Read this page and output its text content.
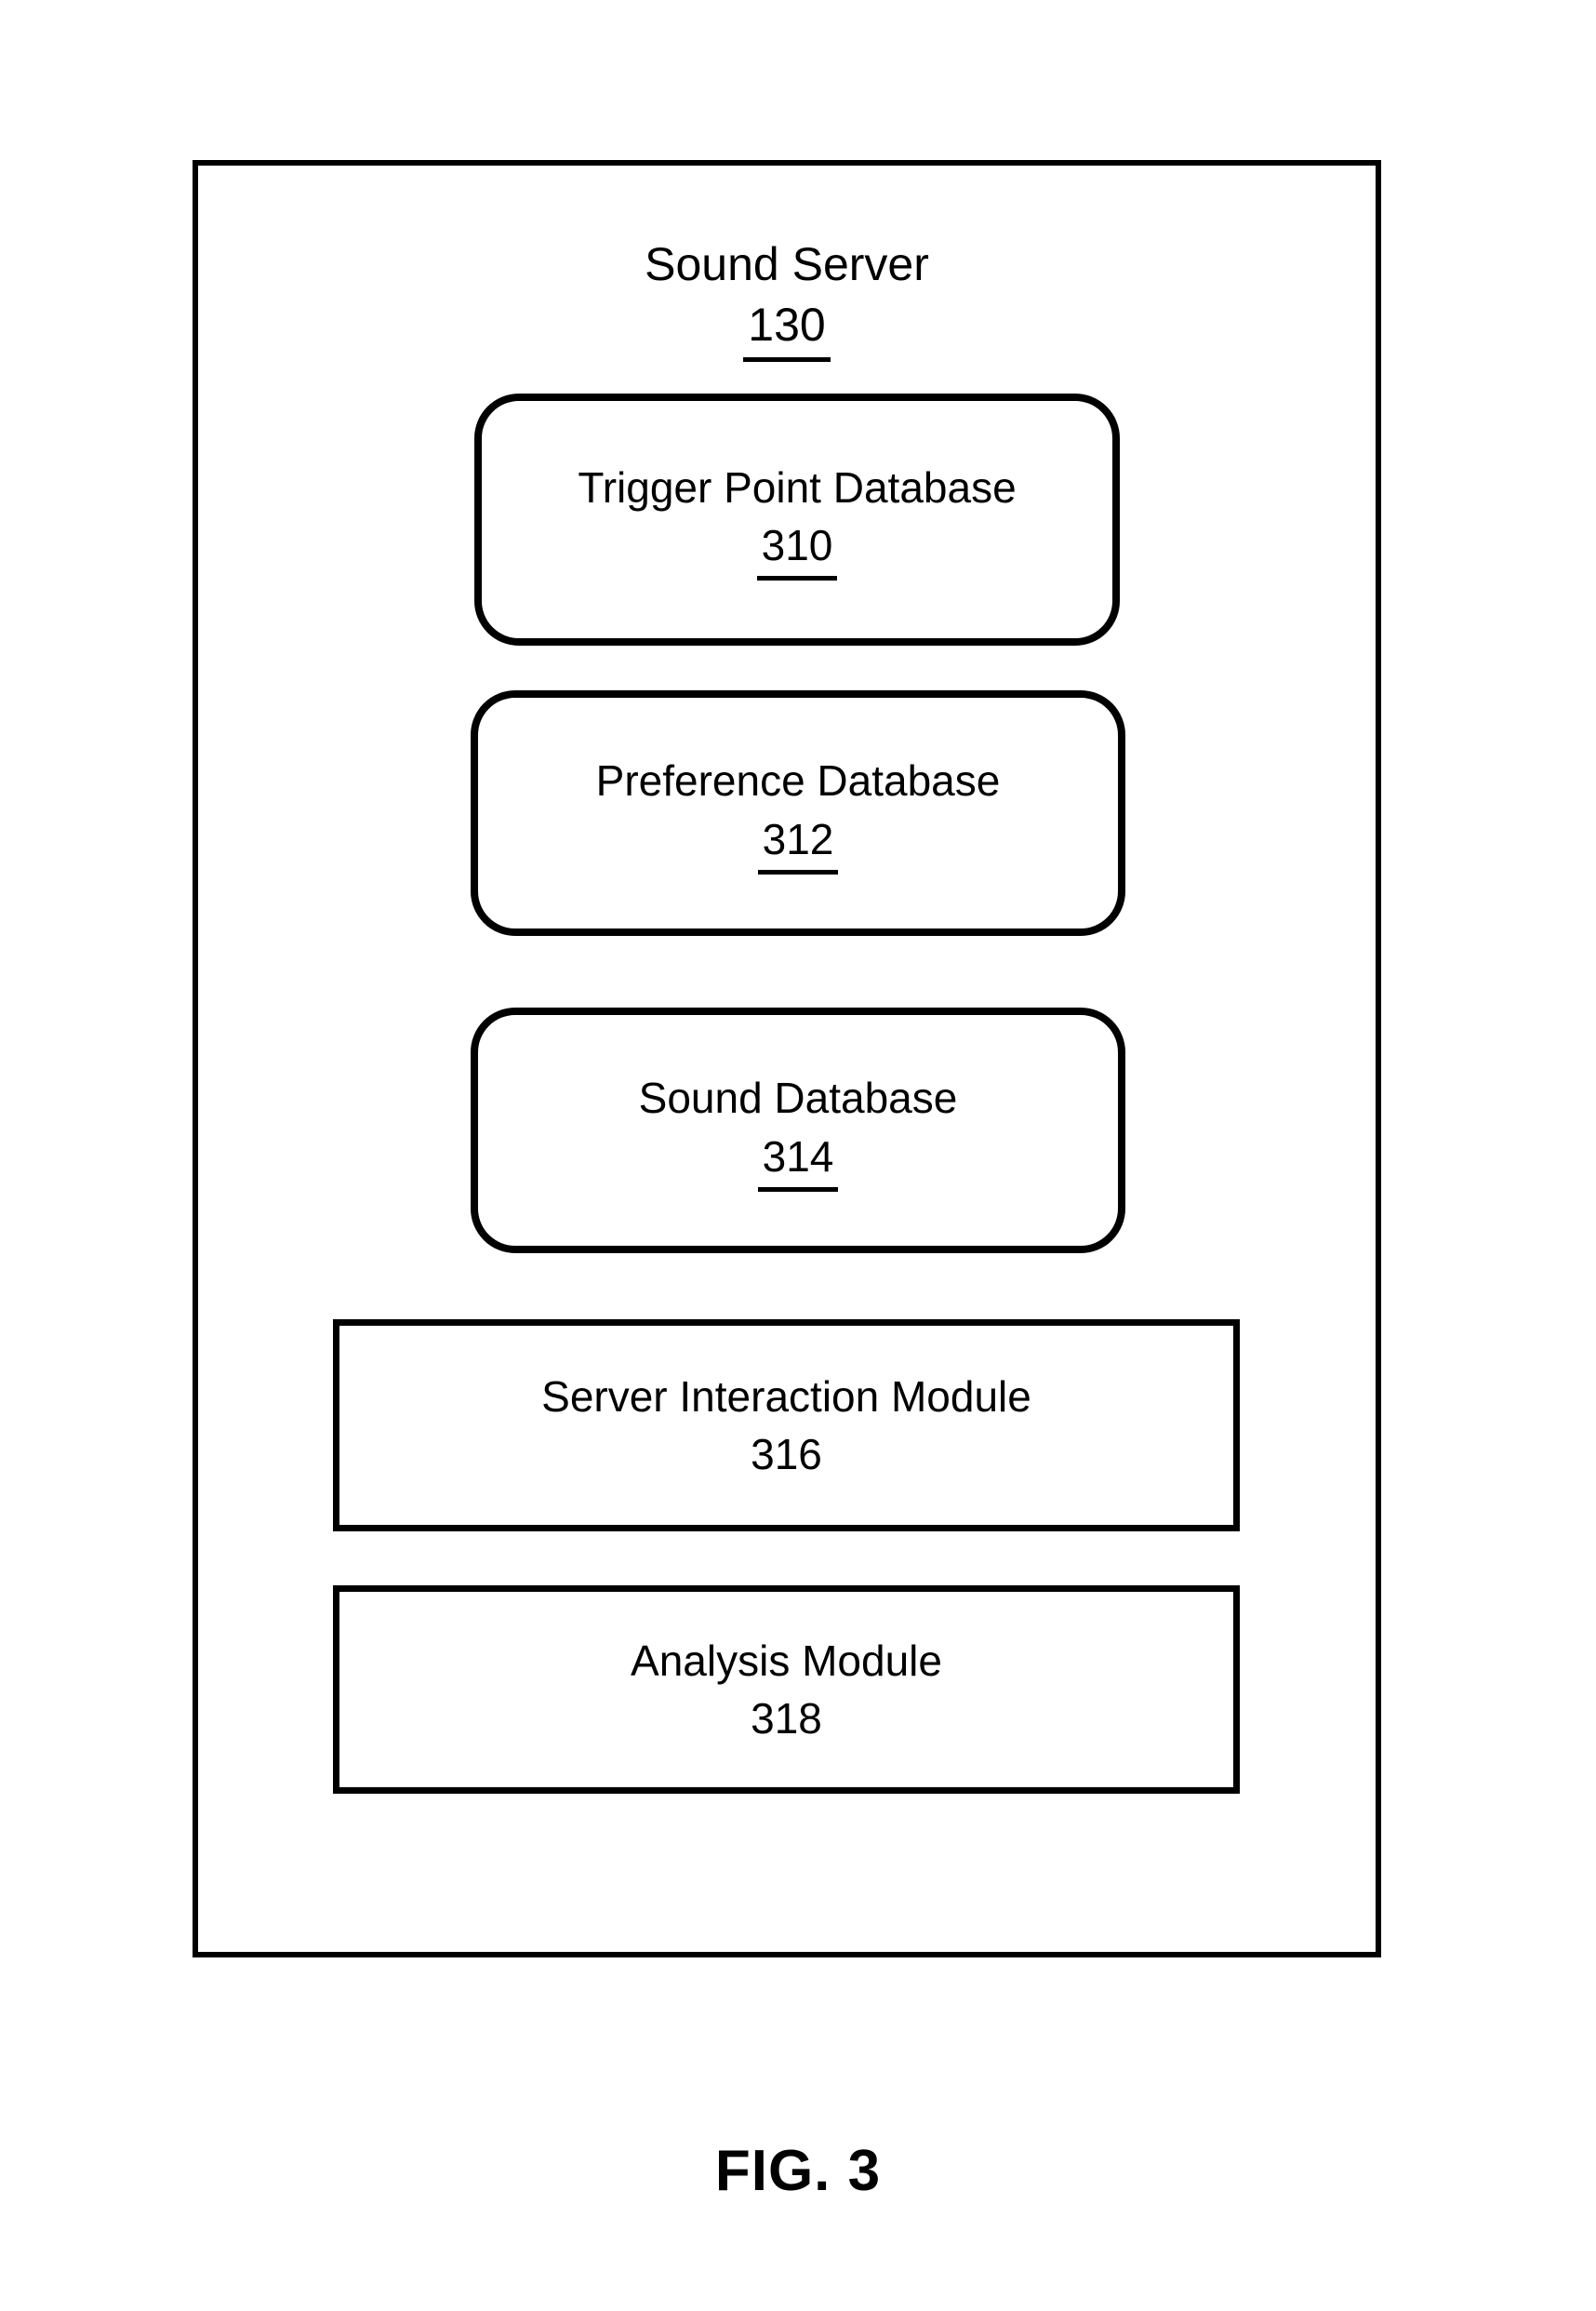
Sound Server
130
Trigger Point Database
310
Preference Database
312
Sound Database
314
Server Interaction Module
316
Analysis Module
318
FIG. 3
